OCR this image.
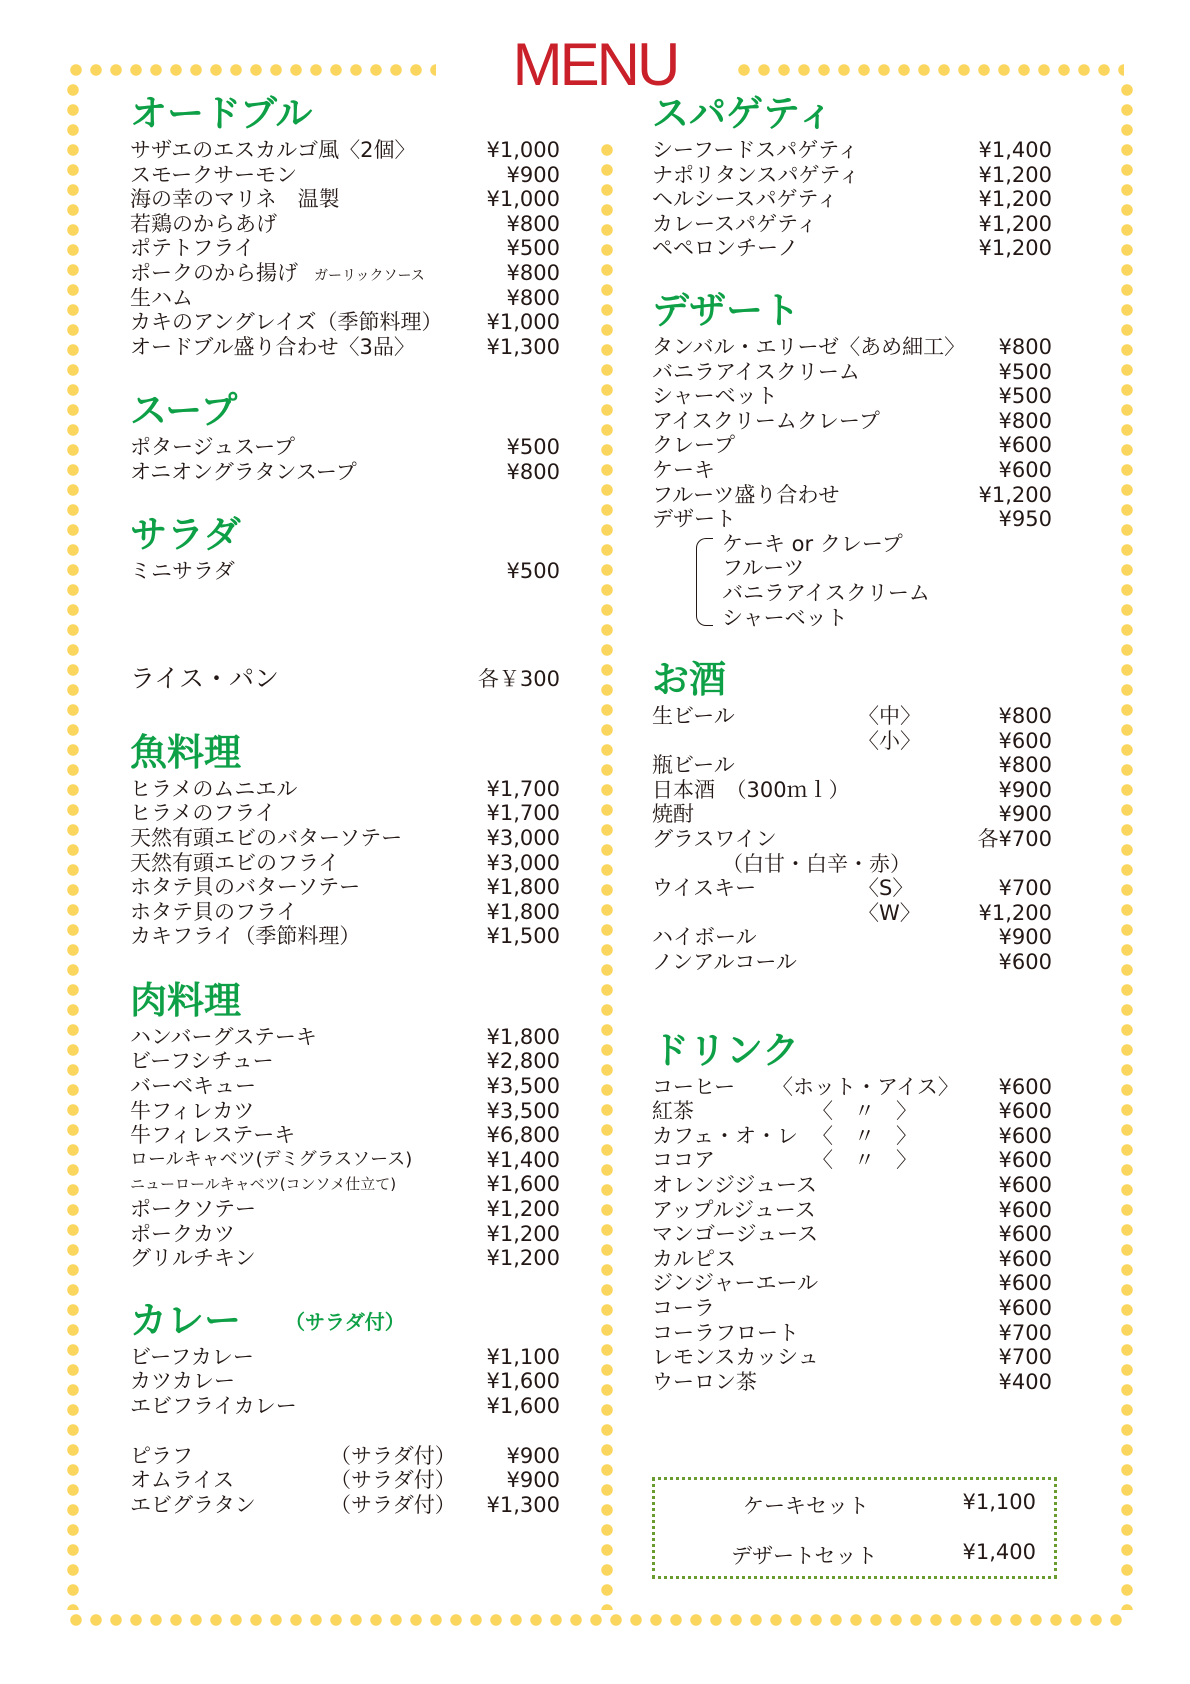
MENU
オードブル
サザエのエスカルゴ風〈2個〉	¥1,000
スモークサーモン	¥900
海の幸のマリネ　温製	¥1,000
若鶏のからあげ	¥800
ポテトフライ	¥500
ポークのから揚げ ガーリックソース	¥800
生ハム	¥800
カキのアングレイズ（季節料理） ¥1,000
オードブル盛り合わせ〈3品〉	¥1,300
スープ
ポタージュスープ	¥500
オニオングラタンスープ	¥800
サラダ
ミニサラダ	¥500
ライス・パン	各￥300
魚料理
ヒラメのムニエル	¥1,700
ヒラメのフライ	¥1,700
天然有頭エビのバターソテー	¥3,000
天然有頭エビのフライ	¥3,000
ホタテ貝のバターソテー	¥1,800
ホタテ貝のフライ	¥1,800
カキフライ（季節料理）	¥1,500
肉料理
ハンバーグステーキ	¥1,800
ビーフシチュー	¥2,800
バーベキュー	¥3,500
牛フィレカツ	¥3,500
牛フィレステーキ	¥6,800
ロールキャベツ(デミグラスソース)	¥1,400
ニューロールキャベツ(コンソメ仕立て)	¥1,600
ポークソテー	¥1,200
ポークカツ	¥1,200
グリルチキン	¥1,200
カレー （サラダ付）
ビーフカレー	¥1,100
カツカレー	¥1,600
エビフライカレー	¥1,600
ピラフ	（サラダ付） ¥900
オムライス	（サラダ付） ¥900
エビグラタン	（サラダ付） ¥1,300
スパゲティ
シーフードスパゲティ	¥1,400
ナポリタンスパゲティ	¥1,200
ヘルシースパゲティ	¥1,200
カレースパゲティ	¥1,200
ペペロンチーノ	¥1,200
デザート
タンバル・エリーゼ〈あめ細工〉 ¥800
バニラアイスクリーム	¥500
シャーベット	¥500
アイスクリームクレープ	¥800
クレープ	¥600
ケーキ	¥600
フルーツ盛り合わせ	¥1,200
デザート	¥950
ケーキ or クレープ
フルーツ
バニラアイスクリーム
シャーベット
お酒
生ビール	〈中〉	¥800
〈小〉	¥600
瓶ビール	¥800
日本酒　（300ｍｌ）	¥900
焼酎	¥900
グラスワイン	各¥700
（白甘・白辛・赤）
ウイスキー	〈S〉	¥700
〈W〉	¥1,200
ハイボール	¥900
ノンアルコール	¥600
ドリンク
コーヒー 〈ホット・アイス〉 ¥600
紅茶	〈　〃　〉	¥600
カフェ・オ・レ 〈　〃　〉	¥600
ココア	〈　〃　〉	¥600
オレンジジュース	¥600
アップルジュース	¥600
マンゴージュース	¥600
カルピス	¥600
ジンジャーエール	¥600
コーラ	¥600
コーラフロート	¥700
レモンスカッシュ	¥700
ウーロン茶	¥400
ケーキセット	¥1,100
デザートセット	¥1,400
